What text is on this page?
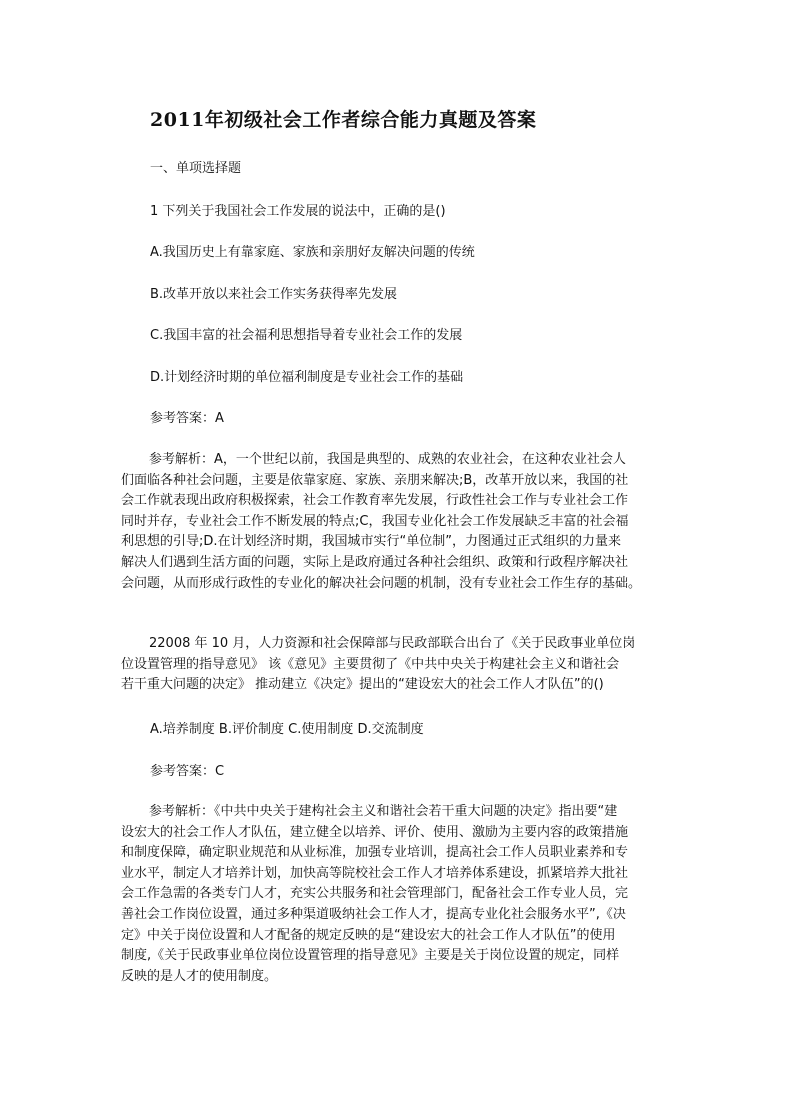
2011年初级社会工作者综合能力真题及答案
一、单项选择题
1 下列关于我国社会工作发展的说法中，正确的是()
A.我国历史上有靠家庭、家族和亲朋好友解决问题的传统
B.改革开放以来社会工作实务获得率先发展
C.我国丰富的社会福利思想指导着专业社会工作的发展
D.计划经济时期的单位福利制度是专业社会工作的基础
参考答案：A
参考解析：A，一个世纪以前，我国是典型的、成熟的农业社会，在这种农业社会人
们面临各种社会问题，主要是依靠家庭、家族、亲朋来解决;B，改革开放以来，我国的社
会工作就表现出政府积极探索，社会工作教育率先发展，行政性社会工作与专业社会工作
同时并存，专业社会工作不断发展的特点;C，我国专业化社会工作发展缺乏丰富的社会福
利思想的引导;D.在计划经济时期，我国城市实行“单位制”，力图通过正式组织的力量来
解决人们遇到生活方面的问题，实际上是政府通过各种社会组织、政策和行政程序解决社
会问题，从而形成行政性的专业化的解决社会问题的机制，没有专业社会工作生存的基础。
22008 年 10 月，人力资源和社会保障部与民政部联合出台了《关于民政事业单位岗
位设置管理的指导意见》 该《意见》主要贯彻了《中共中央关于构建社会主义和谐社会
若干重大问题的决定》 推动建立《决定》提出的“建设宏大的社会工作人才队伍”的()
A.培养制度 B.评价制度 C.使用制度 D.交流制度
参考答案：C
参考解析：《中共中央关于建构社会主义和谐社会若干重大问题的决定》指出要“建
设宏大的社会工作人才队伍，建立健全以培养、评价、使用、激励为主要内容的政策措施
和制度保障，确定职业规范和从业标准，加强专业培训，提高社会工作人员职业素养和专
业水平，制定人才培养计划，加快高等院校社会工作人才培养体系建设，抓紧培养大批社
会工作急需的各类专门人才，充实公共服务和社会管理部门，配备社会工作专业人员，完
善社会工作岗位设置，通过多种渠道吸纳社会工作人才，提高专业化社会服务水平”,《决
定》中关于岗位设置和人才配备的规定反映的是“建设宏大的社会工作人才队伍”的使用
制度,《关于民政事业单位岗位设置管理的指导意见》主要是关于岗位设置的规定，同样
反映的是人才的使用制度。
